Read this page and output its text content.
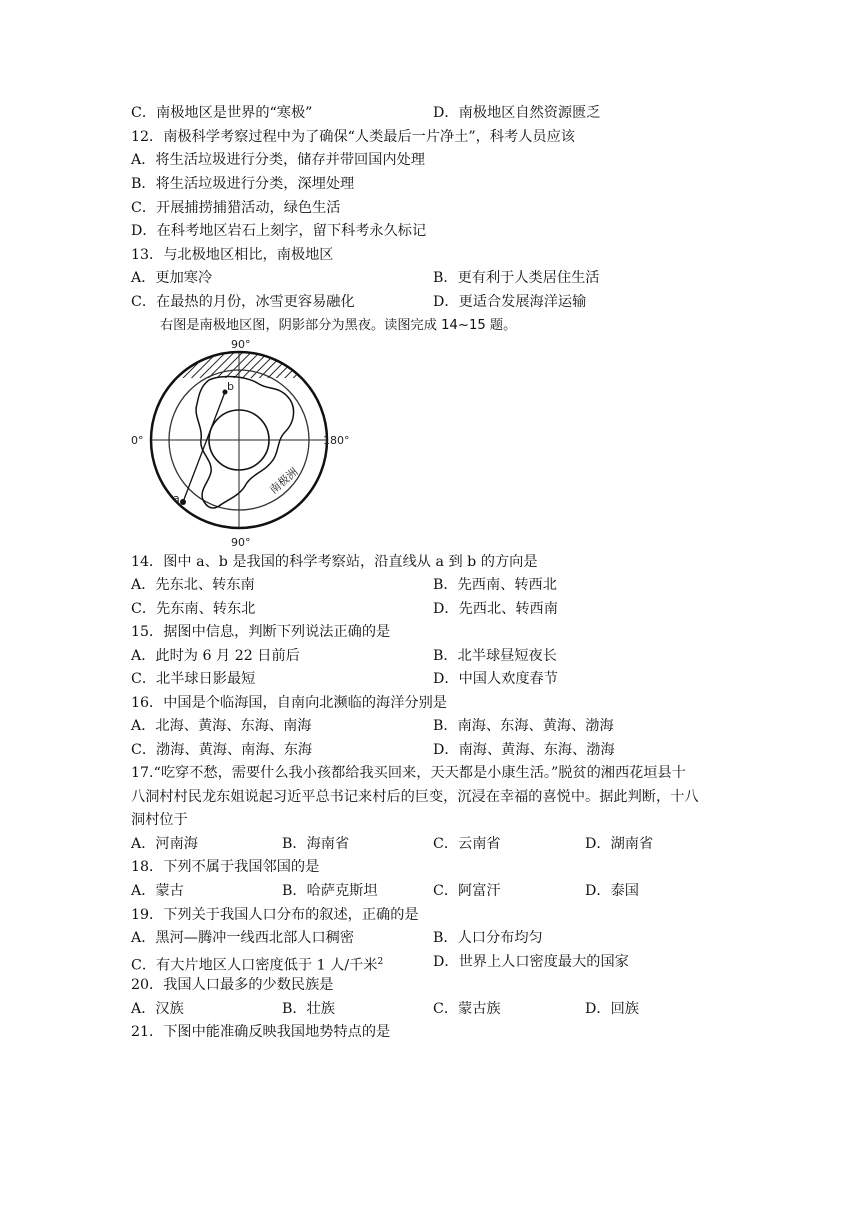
C．南极地区是世界的“寒极”	D．南极地区自然资源匮乏
12．南极科学考察过程中为了确保“人类最后一片净土”，科考人员应该
A．将生活垃圾进行分类，储存并带回国内处理
B．将生活垃圾进行分类，深埋处理
C．开展捕捞捕猎活动，绿色生活
D．在科考地区岩石上刻字，留下科考永久标记
13．与北极地区相比，南极地区
A．更加寒冷	B．更有利于人类居住生活
C．在最热的月份，冰雪更容易融化	D．更适合发展海洋运输
右图是南极地区图，阴影部分为黑夜。读图完成 14~15 题。
90°
0°	180°
90°
a
b
南极洲
14．图中 a、b 是我国的科学考察站，沿直线从 a 到 b 的方向是
A．先东北、转东南	B．先西南、转西北
C．先东南、转东北	D．先西北、转西南
15．据图中信息，判断下列说法正确的是
A．此时为 6 月 22 日前后	B．北半球昼短夜长
C．北半球日影最短	D．中国人欢度春节
16．中国是个临海国，自南向北濒临的海洋分别是
A．北海、黄海、东海、南海	B．南海、东海、黄海、渤海
C．渤海、黄海、南海、东海	D．南海、黄海、东海、渤海
17.“吃穿不愁，需要什么我小孩都给我买回来，天天都是小康生活。”脱贫的湘西花垣县十
八洞村村民龙东姐说起习近平总书记来村后的巨变，沉浸在幸福的喜悦中。据此判断，十八
洞村位于
A．河南海	B．海南省	C．云南省	D．湖南省
18．下列不属于我国邻国的是
A．蒙古	B．哈萨克斯坦	C．阿富汗	D．泰国
19．下列关于我国人口分布的叙述，正确的是
A．黑河—腾冲一线西北部人口稠密	B．人口分布均匀
C．有大片地区人口密度低于 1 人/千米$^2$	D．世界上人口密度最大的国家
20．我国人口最多的少数民族是
A．汉族	B．壮族	C．蒙古族	D．回族
21．下图中能准确反映我国地势特点的是
